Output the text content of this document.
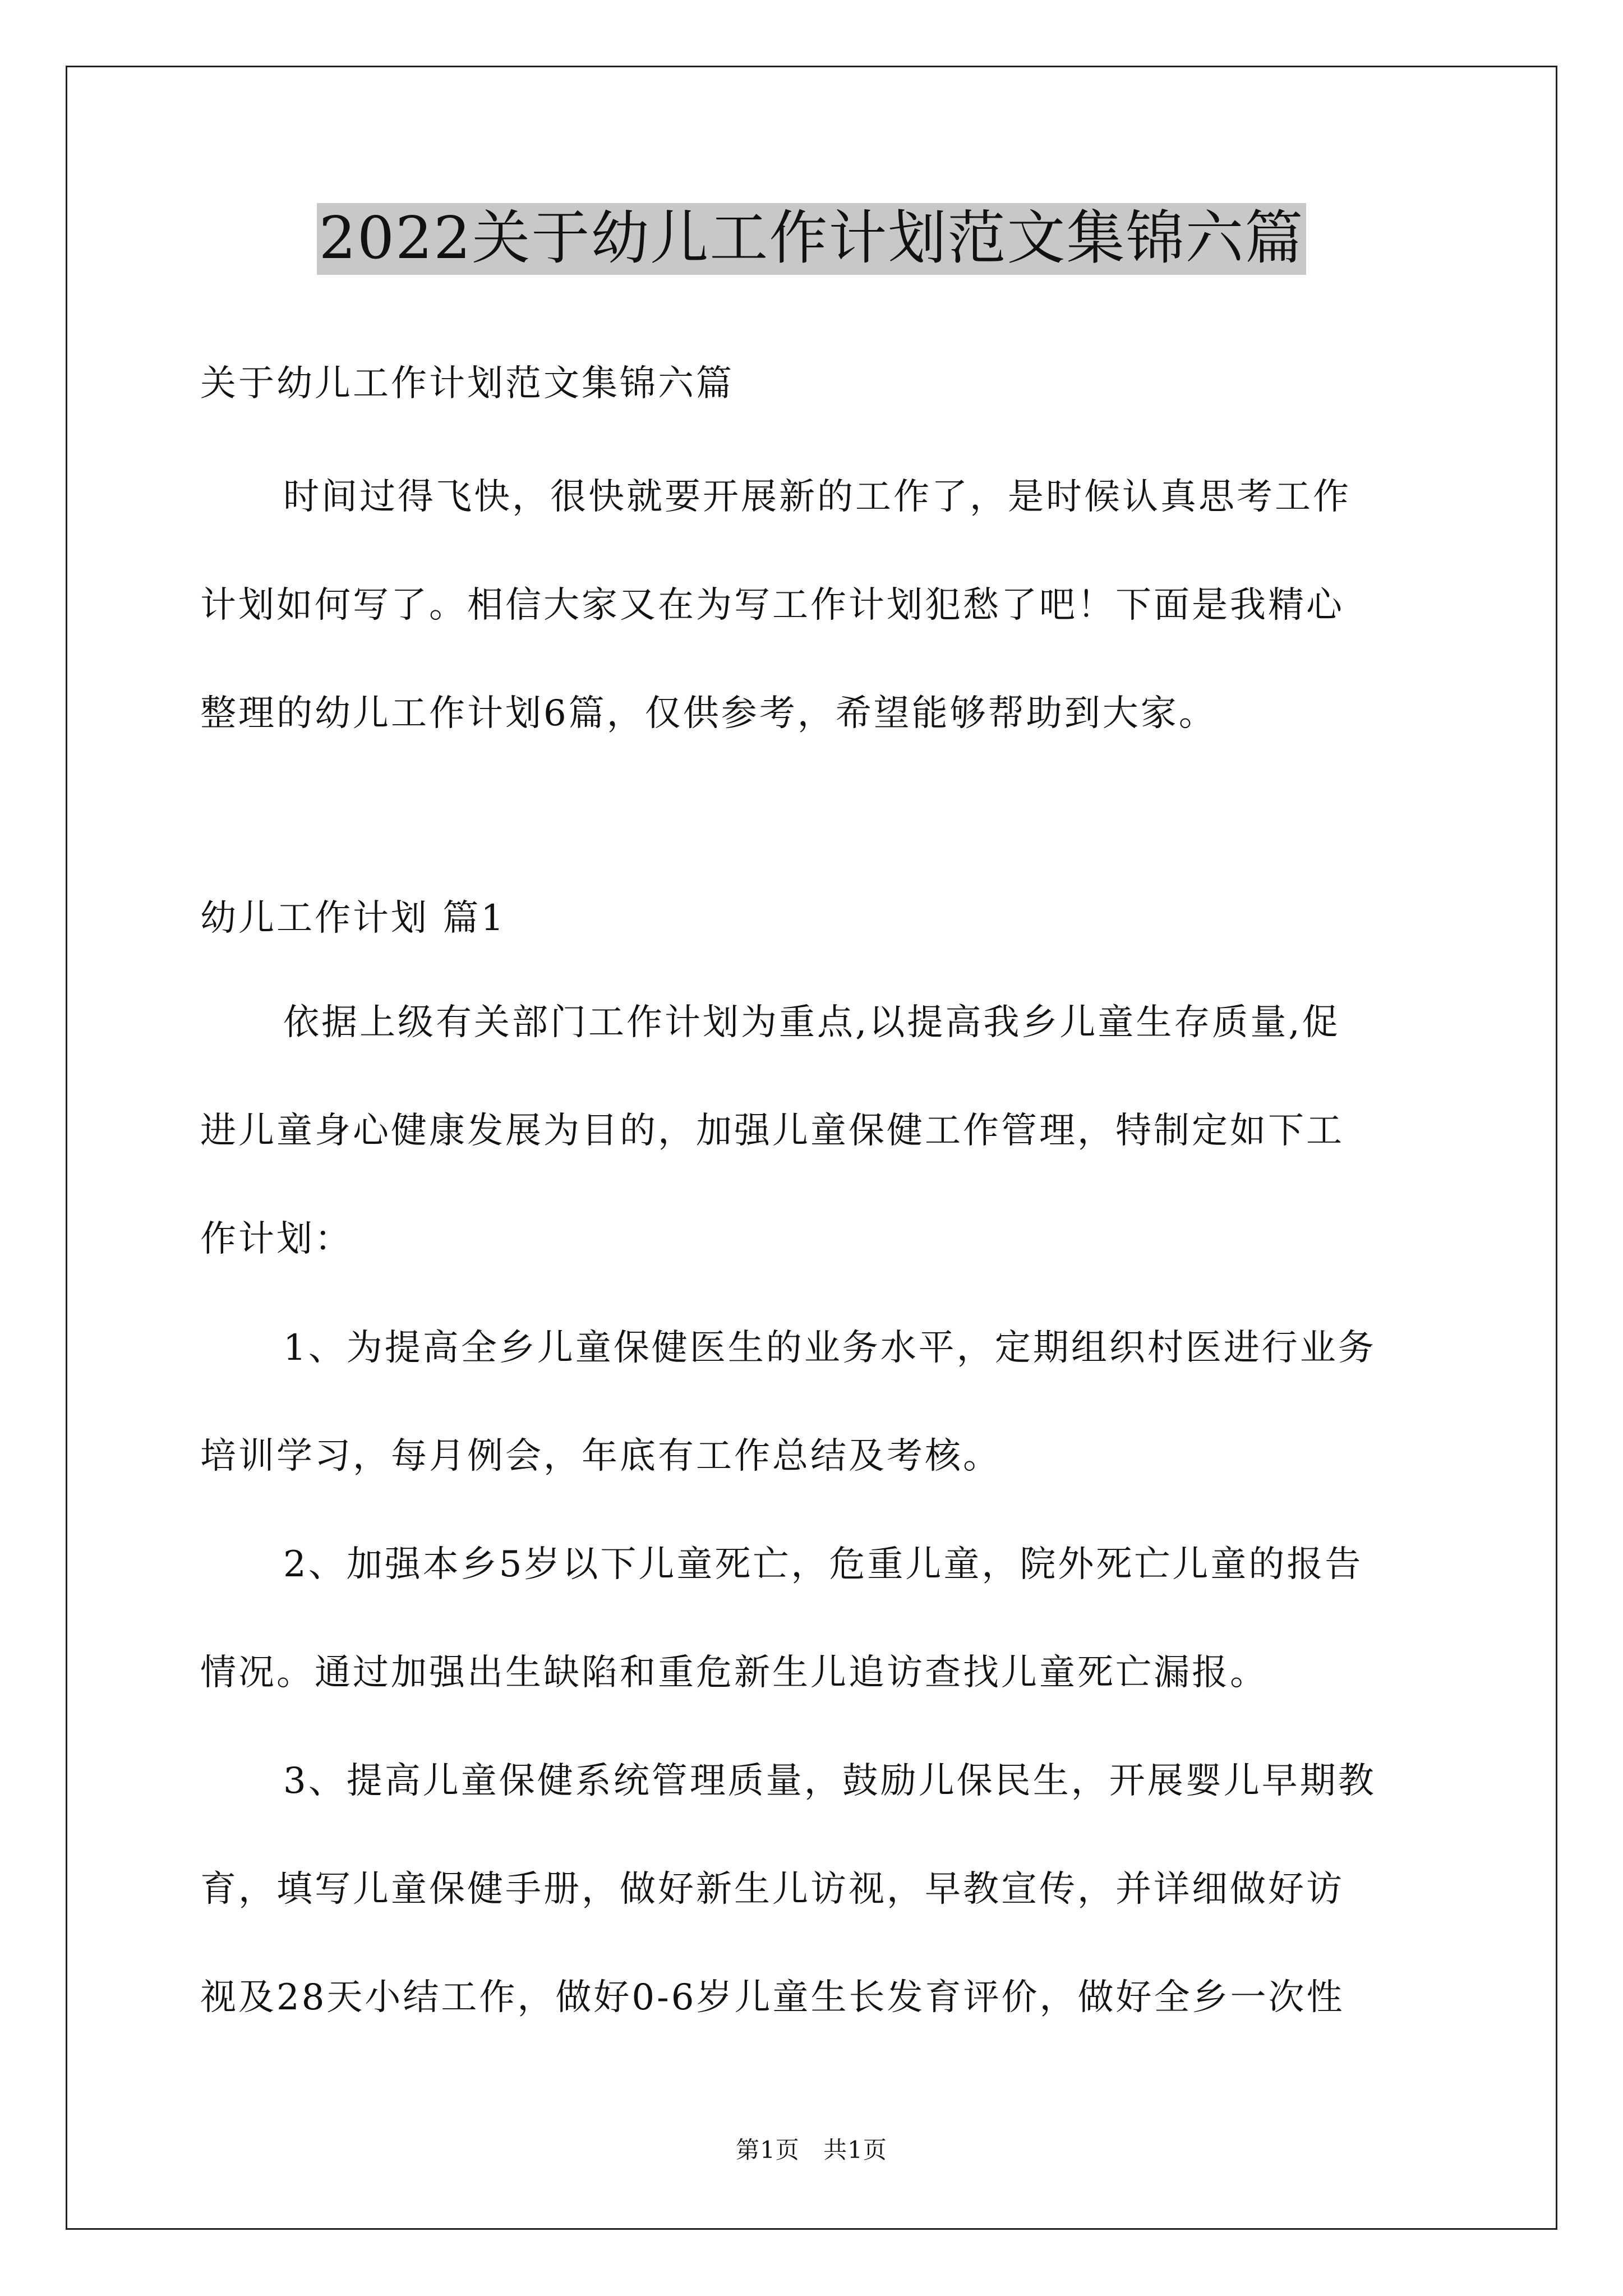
2022关于幼儿工作计划范文集锦六篇

关于幼儿工作计划范文集锦六篇

时间过得飞快，很快就要开展新的工作了，是时候认真思考工作
计划如何写了。相信大家又在为写工作计划犯愁了吧！下面是我精心
整理的幼儿工作计划6篇，仅供参考，希望能够帮助到大家。

幼儿工作计划 篇1

依据上级有关部门工作计划为重点,以提高我乡儿童生存质量,促
进儿童身心健康发展为目的，加强儿童保健工作管理，特制定如下工
作计划：
1、为提高全乡儿童保健医生的业务水平，定期组织村医进行业务
培训学习，每月例会，年底有工作总结及考核。
2、加强本乡5岁以下儿童死亡，危重儿童，院外死亡儿童的报告
情况。通过加强出生缺陷和重危新生儿追访查找儿童死亡漏报。
3、提高儿童保健系统管理质量，鼓励儿保民生，开展婴儿早期教
育，填写儿童保健手册，做好新生儿访视，早教宣传，并详细做好访
视及28天小结工作，做好0-6岁儿童生长发育评价，做好全乡一次性
第1页 共1页
